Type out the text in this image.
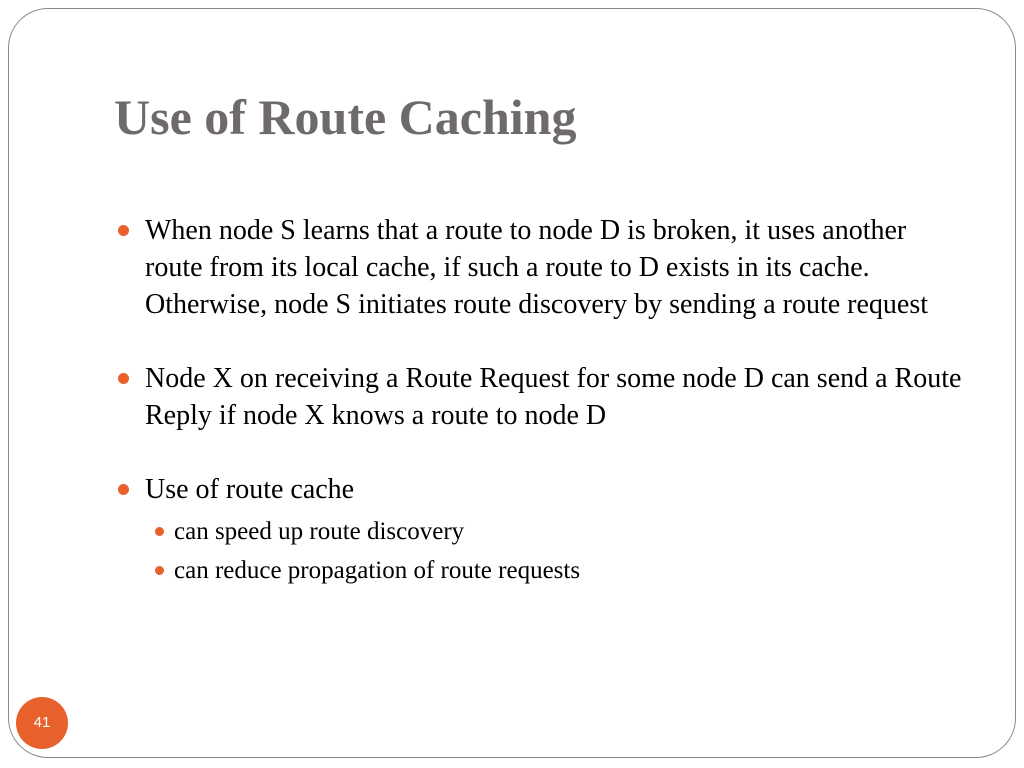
Use of Route Caching
When node S learns that a route to node D is broken, it uses another route from its local cache, if such a route to D exists in its cache. Otherwise, node S initiates route discovery by sending a route request
Node X on receiving a Route Request for some node D can send a Route Reply if node X knows a route to node D
Use of route cache
can speed up route discovery
can reduce propagation of route requests
41
